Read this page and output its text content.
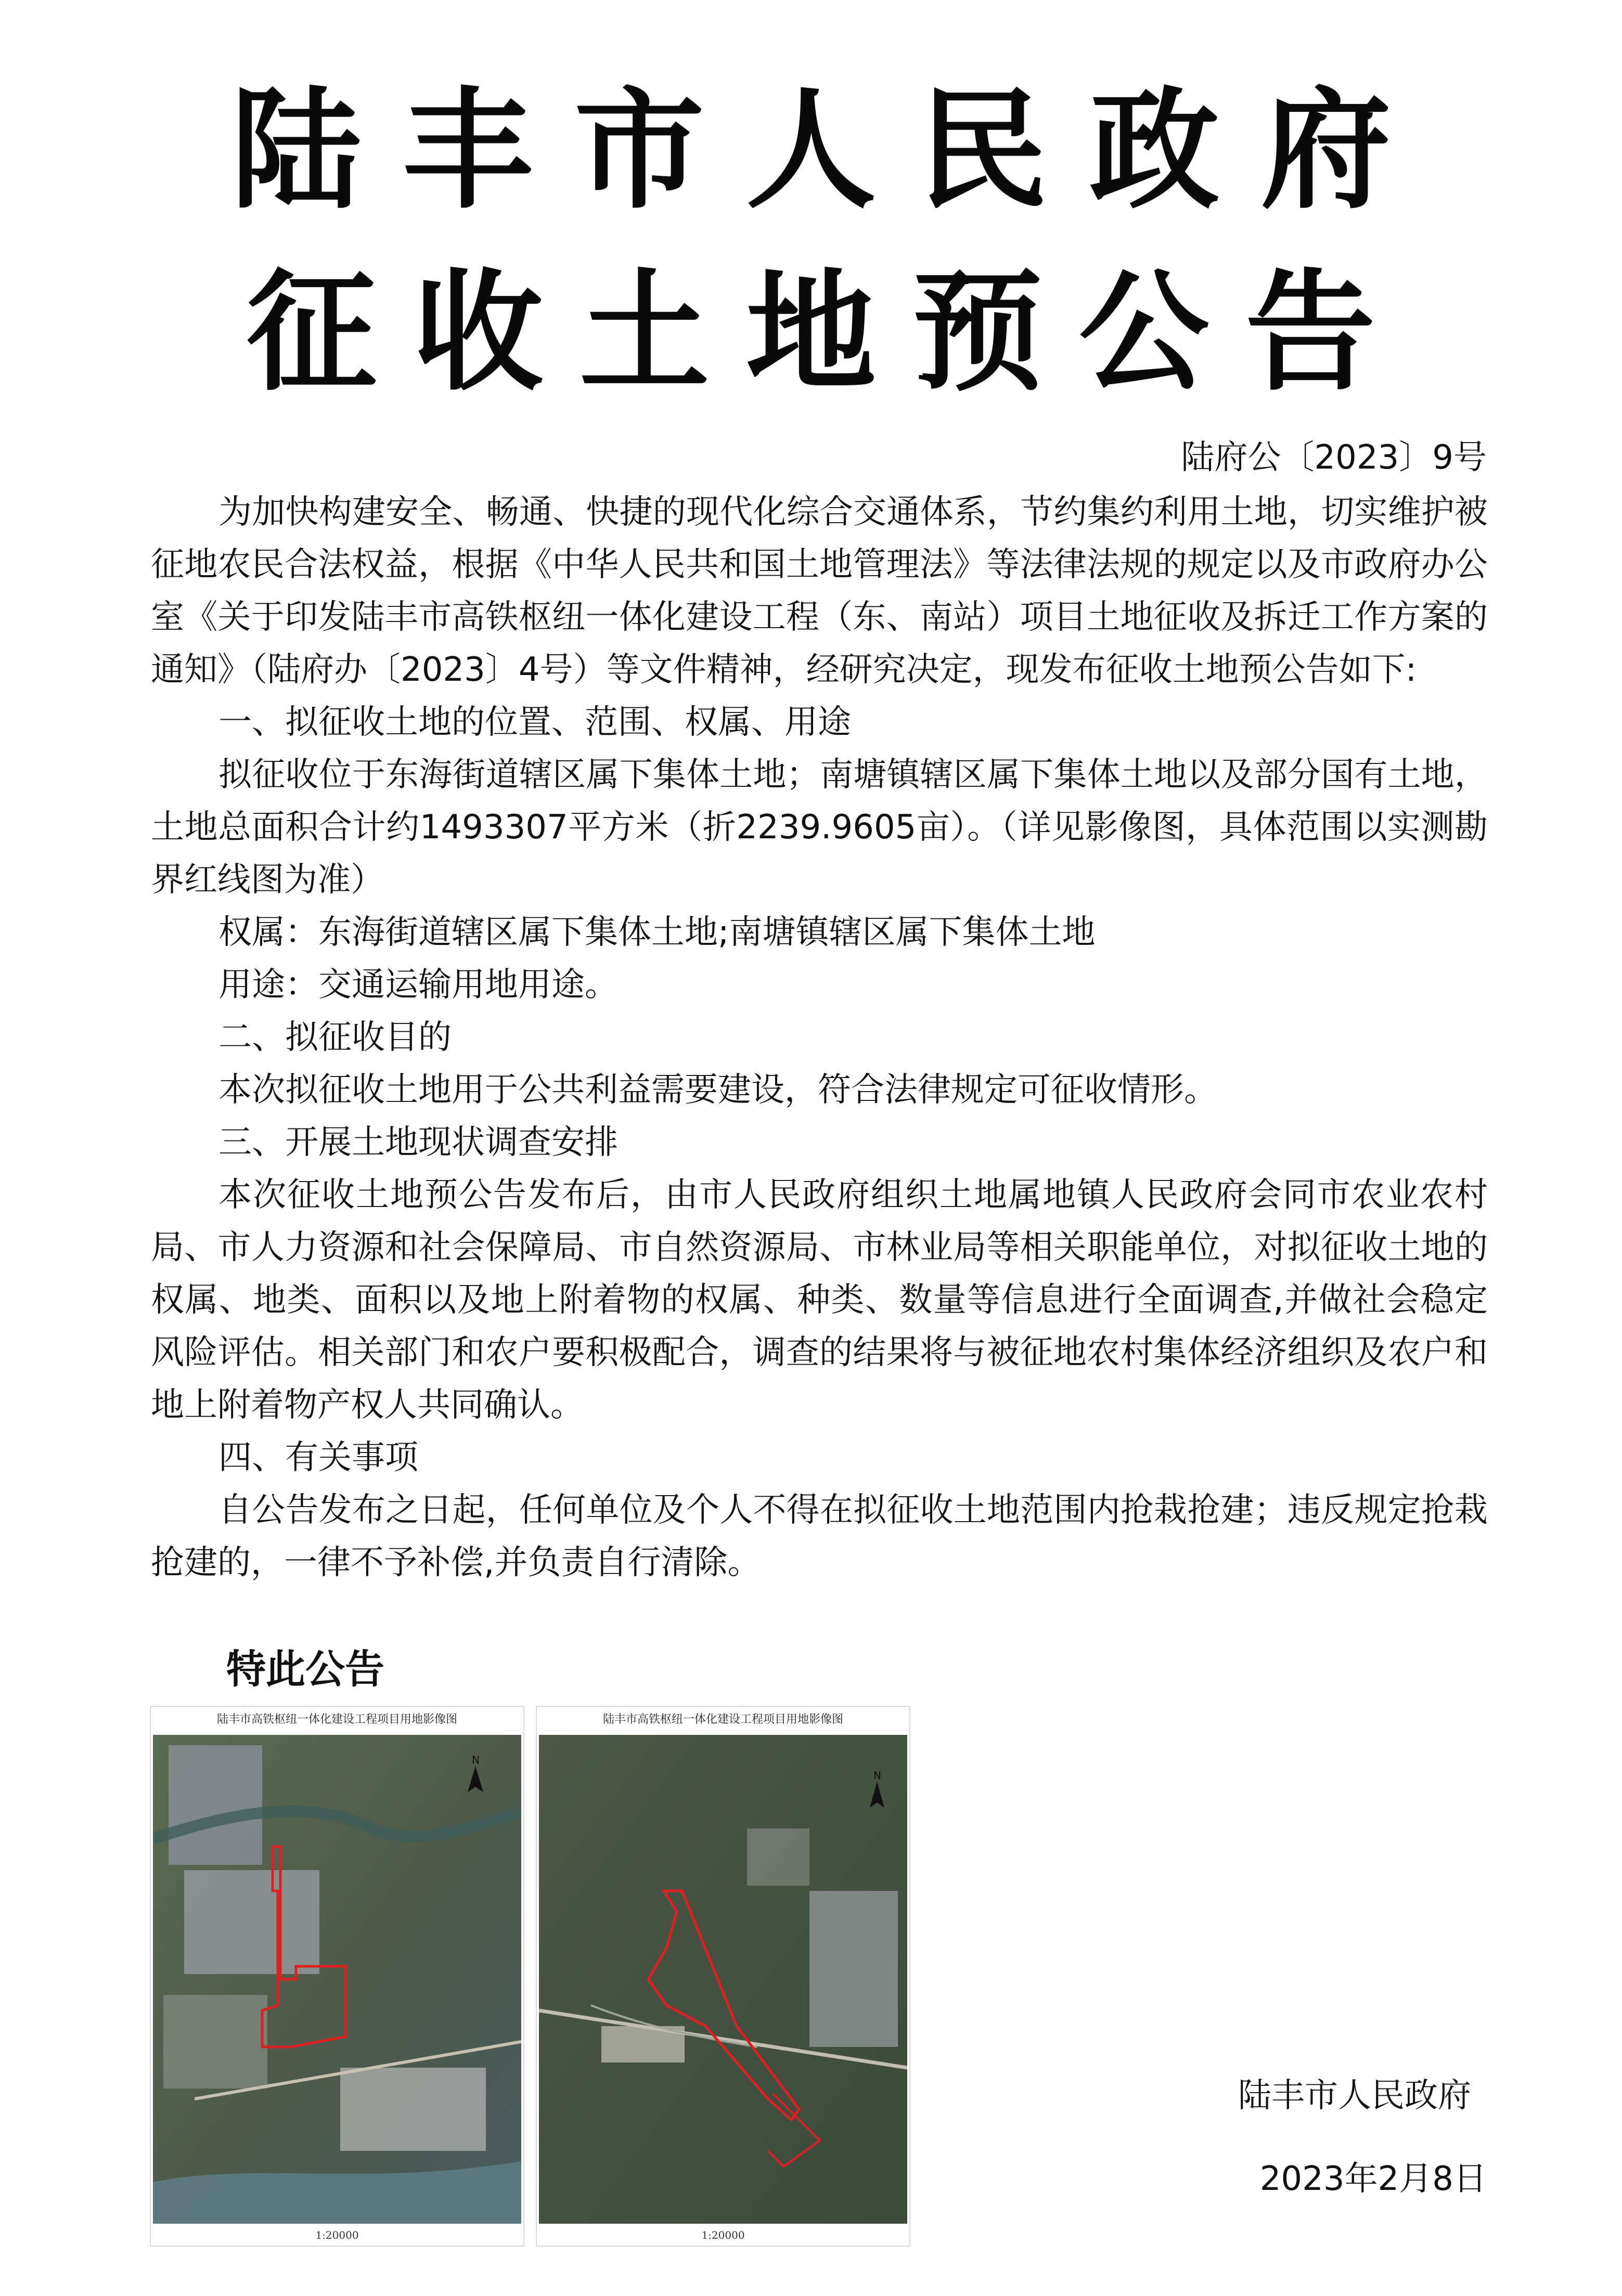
陆丰市人民政府
征收土地预公告
陆府公〔2023〕9号

为加快构建安全、畅通、快捷的现代化综合交通体系，节约集约利用土地，切实维护被征地农民合法权益，根据《中华人民共和国土地管理法》等法律法规的规定以及市政府办公室《关于印发陆丰市高铁枢纽一体化建设工程（东、南站）项目土地征收及拆迁工作方案的通知》（陆府办〔2023〕4号）等文件精神，经研究决定，现发布征收土地预公告如下:

一、拟征收土地的位置、范围、权属、用途

拟征收位于东海街道辖区属下集体土地；南塘镇辖区属下集体土地以及部分国有土地，土地总面积合计约1493307平方米（折2239.9605亩）。（详见影像图，具体范围以实测勘界红线图为准）

权属：东海街道辖区属下集体土地;南塘镇辖区属下集体土地

用途：交通运输用地用途。

二、拟征收目的

本次拟征收土地用于公共利益需要建设，符合法律规定可征收情形。

三、开展土地现状调查安排

本次征收土地预公告发布后，由市人民政府组织土地属地镇人民政府会同市农业农村局、市人力资源和社会保障局、市自然资源局、市林业局等相关职能单位，对拟征收土地的权属、地类、面积以及地上附着物的权属、种类、数量等信息进行全面调查,并做社会稳定风险评估。相关部门和农户要积极配合，调查的结果将与被征地农村集体经济组织及农户和地上附着物产权人共同确认。

四、有关事项

自公告发布之日起，任何单位及个人不得在拟征收土地范围内抢栽抢建；违反规定抢栽抢建的，一律不予补偿,并负责自行清除。

特此公告
陆丰市高铁枢纽一体化建设工程项目用地影像图
N
1:20000
陆丰市高铁枢纽一体化建设工程项目用地影像图
N
1:20000
陆丰市人民政府
2023年2月8日
